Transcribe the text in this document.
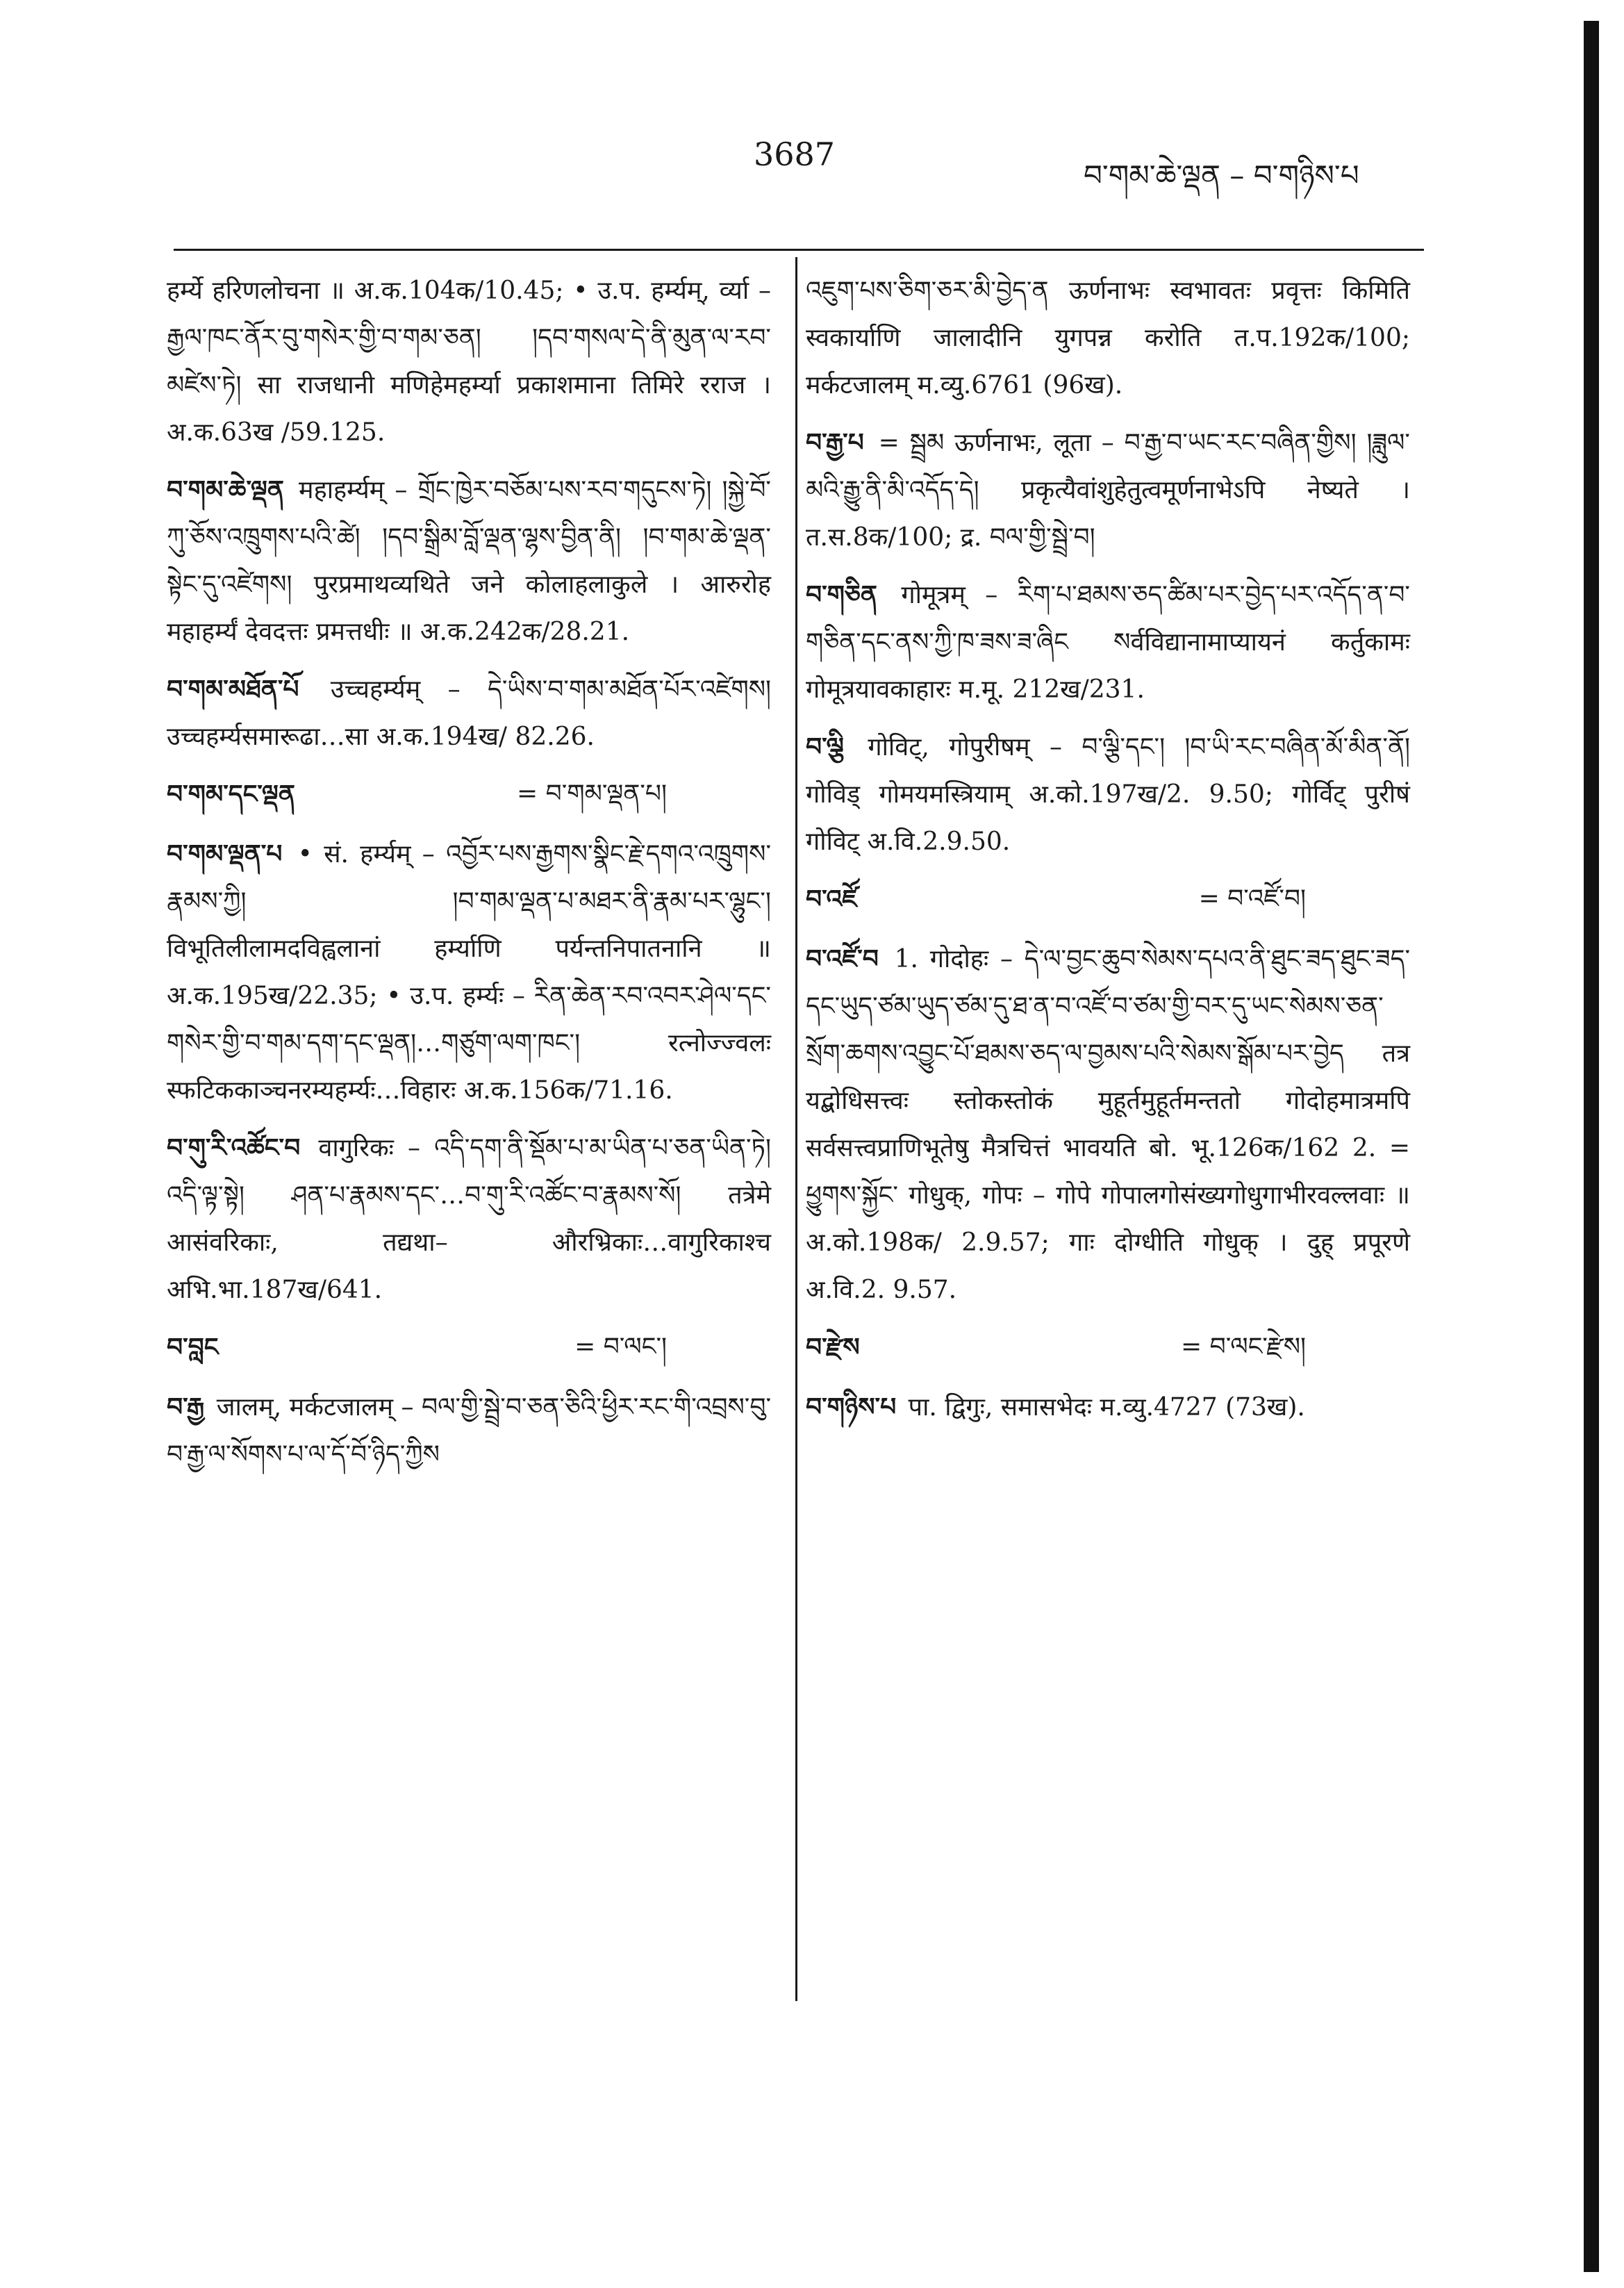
3687
བ་གམ་ཆེ་ལྡན – བ་གཉིས་པ
हर्म्ये हरिणलोचना ॥ अ.क.104क/10.45; • उ.प. हर्म्यम्, र्व्या – རྒྱལ་ཁང་ནོར་བུ་གསེར་གྱི་བ་གམ་ཅན། །དབ་གསལ་དེ་ནི་མུན་ལ་རབ་མཛེས་ཏེ། सा राजधानी मणिहेमहर्म्या प्रकाशमाना तिमिरे रराज ।अ.क.63ख /59.125.
བ་གམ་ཆེ་ལྡན महाहर्म्यम् – གྲོང་ཁྱེར་བཅོམ་པས་རབ་གདུངས་ཏེ། །སྐྱེ་བོ་ཀུ་ཅོས་འཁྲུགས་པའི་ཚེ། །དབ་སྒྲིམ་བློ་ལྡན་ལྷས་བྱིན་ནི། །བ་གམ་ཆེ་ལྡན་སྟེང་དུ་འཛེགས། पुरप्रमाथव्यथिते जने कोलाहलाकुले । आरुरोह महाहर्म्यं देवदत्तः प्रमत्तधीः ॥ अ.क.242क/28.21.
བ་གམ་མཐོན་པོ उच्चहर्म्यम् – དེ་ཡིས་བ་གམ་མཐོན་པོར་འཛེགས། उच्चहर्म्यसमारूढा…सा अ.क.194ख/ 82.26.
བ་གམ་དང་ལྡན	= བ་གམ་ལྡན་པ།
བ་གམ་ལྡན་པ • सं. हर्म्यम् – འབྱོར་པས་རྒྱགས་སྣིང་རྗེ་དགའ་འཁྲུགས་རྣམས་ཀྱི། །བ་གམ་ལྡན་པ་མཐར་ནི་རྣམ་པར་ལྷུང་། विभूतिलीलामदविह्वलानां हर्म्याणि पर्यन्तनिपातनानि ॥ अ.क.195ख/22.35; • उ.प. हर्म्यः – རིན་ཆེན་རབ་འབར་ཤེལ་དང་གསེར་གྱི་བ་གམ་དག་དང་ལྡན།…གཙུག་ལག་ཁང་། रत्नोज्ज्वलः स्फटिककाञ्चनरम्यहर्म्यः…विहारः अ.क.156क/71.16.
བ་གུ་རི་འཚོང་བ वागुरिकः – འདི་དག་ནི་སྡོམ་པ་མ་ཡིན་པ་ཅན་ཡིན་ཏེ། འདི་ལྟ་སྟེ། ཤན་པ་རྣམས་དང་…བ་གུ་རི་འཚོང་བ་རྣམས་སོ། तत्रेमे आसंवरिकाः, तद्यथा– औरभ्रिकाः…वागुरिकाश्च अभि.भा.187ख/641.
བ་བླང	= བ་ལང་།
བ་རྒྱ जालम्, मर्कटजालम् – བལ་གྱི་སྦྲེ་བ་ཅན་ཅིའི་ཕྱིར་རང་གི་འབྲས་བུ་བ་རྒྱ་ལ་སོགས་པ་ལ་དོ་བོ་ཉིད་ཀྱིས
འཇུག་པས་ཅིག་ཅར་མི་བྱེད་ན ऊर्णनाभः स्वभावतः प्रवृत्तः किमिति स्वकार्याणि जालादीनि युगपन्न करोति त.प.192क/100; मर्कटजालम् म.व्यु.6761 (96ख).
བ་རྒྱ་པ = སྦྲམ ऊर्णनाभः, लूता – བ་རྒྱ་བ་ཡང་རང་བཞིན་གྱིས། །ཟླུལ་མའི་རྒྱུ་ནི་མི་འདོད་དེ། प्रकृत्यैवांशुहेतुत्वमूर्णनाभेऽपि नेष्यते । त.स.8क/100; द्र. བལ་གྱི་སྦྲེ་བ།
བ་གཅིན गोमूत्रम् – རིག་པ་ཐམས་ཅད་ཚིམ་པར་བྱེད་པར་འདོད་ན་བ་གཅིན་དང་ནས་ཀྱི་ཁ་ཟས་ཟ་ཞིང སर्वविद्यानामाप्यायनं कर्तुकामः गोमूत्रयावकाहारः म.मू. 212ख/231.
བ་ལྕི गोविट्, गोपुरीषम् – བ་ལྕི་དང་། །བ་ཡི་རང་བཞིན་མོ་མིན་ནོ། गोविड् गोमयमस्त्रियाम् अ.को.197ख/2. 9.50; गोर्विट् पुरीषं गोविट् अ.वि.2.9.50.
བ་འཛོ	= བ་འཛོ་བ།
བ་འཛོ་བ 1. गोदोहः – དེ་ལ་བྱང་ཆུབ་སེམས་དཔའ་ནི་ཐུང་ཟད་ཐུང་ཟད་དང་ཡུད་ཙམ་ཡུད་ཙམ་དུ་ཐ་ན་བ་འཛོ་བ་ཙམ་གྱི་བར་དུ་ཡང་སེམས་ཅན་སྲོག་ཆགས་འབྱུང་པོ་ཐམས་ཅད་ལ་བྱམས་པའི་སེམས་སྒོམ་པར་བྱེད तत्र यद्बोधिसत्त्वः स्तोकस्तोकं मुहूर्तमुहूर्तमन्ततो गोदोहमात्रमपि सर्वसत्त्वप्राणिभूतेषु मैत्रचित्तं भावयति बो. भू.126क/162 2. = ཕྱུགས་སྐྱོང་ गोधुक्, गोपः – गोपे गोपालगोसंख्यगोधुगाभीरवल्लवाः ॥ अ.को.198क/ 2.9.57; गाः दोग्धीति गोधुक् । दुह् प्रपूरणे अ.वि.2. 9.57.
བ་རྫེས	= བ་ལང་རྫེས།
བ་གཉིས་པ पा. द्विगुः, समासभेदः म.व्यु.4727 (73ख).
